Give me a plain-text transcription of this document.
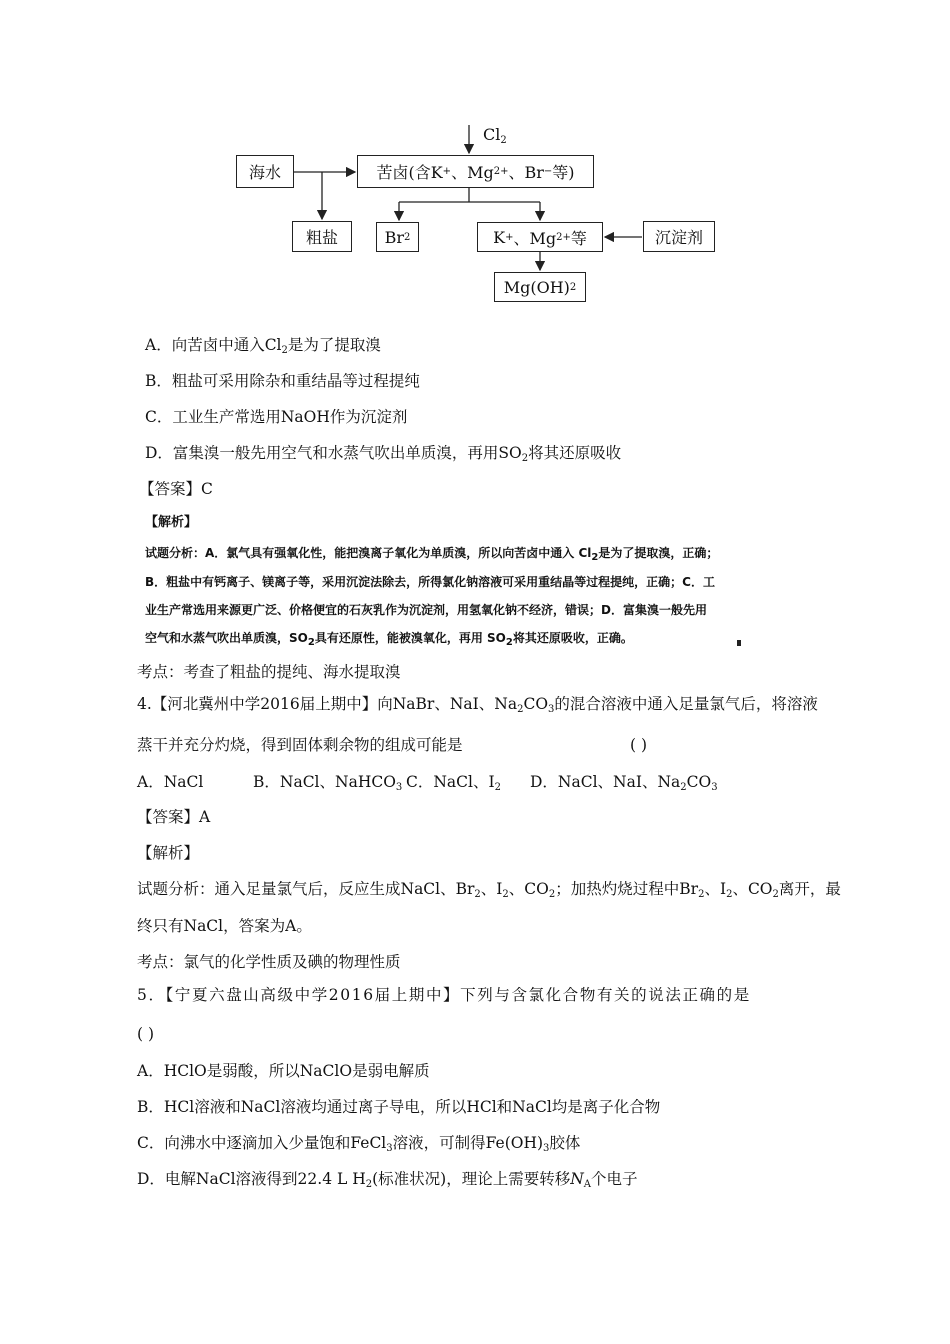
$Cl_2$
海水	苦卤(含K + 、Mg 2+ 、Br − 等)
粗盐	Br 2	K + 、Mg 2+ 等	沉淀剂
Mg(OH) 2
A．向苦卤中通入$Cl_2$是为了提取溴
B．粗盐可采用除杂和重结晶等过程提纯
C．工业生产常选用NaOH作为沉淀剂
D．富集溴一般先用空气和水蒸气吹出单质溴，再用$SO_2$将其还原吸收
【答案】C
【解析】
试题分析：A．氯气具有强氧化性，能把溴离子氧化为单质溴，所以向苦卤中通入 $Cl_2$是为了提取溴，正确；
B．粗盐中有钙离子、镁离子等，采用沉淀法除去，所得氯化钠溶液可采用重结晶等过程提纯，正确；C．工
业生产常选用来源更广泛、价格便宜的石灰乳作为沉淀剂，用氢氧化钠不经济，错误；D．富集溴一般先用
空气和水蒸气吹出单质溴，$SO_2$具有还原性，能被溴氧化，再用 $SO_2$将其还原吸收，正确。
考点：考查了粗盐的提纯、海水提取溴
4.【河北冀州中学2016届上期中】向NaBr、NaI、$Na_2CO_3$的混合溶液中通入足量氯气后，将溶液
蒸干并充分灼烧，得到固体剩余物的组成可能是	( )
A．NaCl	B．NaCl、NaHCO$_3$ C．NaCl、$I_2$ D．NaCl、NaI、$Na_2CO_3$
【答案】A
【解析】
试题分析：通入足量氯气后，反应生成NaCl、$Br_2$、$I_2$、$CO_2$；加热灼烧过程中$Br_2$、$I_2$、$CO_2$离开，最
终只有NaCl，答案为A。
考点：氯气的化学性质及碘的物理性质
5．【宁夏六盘山高级中学2016届上期中】下列与含氯化合物有关的说法正确的是
( )
A．HClO是弱酸，所以NaClO是弱电解质
B．HCl溶液和NaCl溶液均通过离子导电，所以HCl和NaCl均是离子化合物
C．向沸水中逐滴加入少量饱和FeCl$_3$溶液，可制得$Fe(OH)_3$胶体
D．电解NaCl溶液得到22.4 L $H_2$(标准状况)，理论上需要转移$N_A$个电子
